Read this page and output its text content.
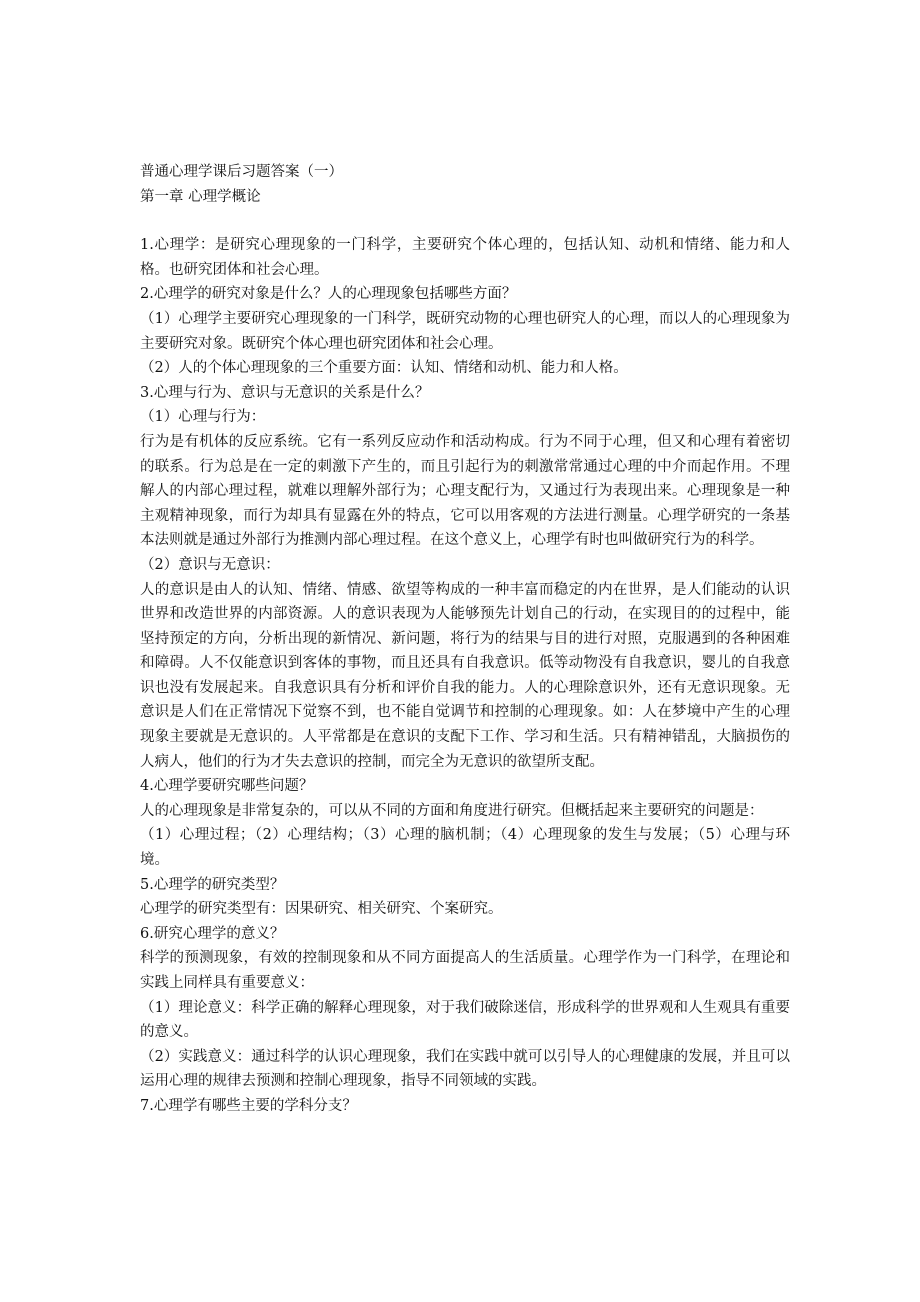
普通心理学课后习题答案（一）

第一章 心理学概论

1.心理学：是研究心理现象的一门科学，主要研究个体心理的，包括认知、动机和情绪、能力和人格。也研究团体和社会心理。

2.心理学的研究对象是什么？人的心理现象包括哪些方面？

（1）心理学主要研究心理现象的一门科学，既研究动物的心理也研究人的心理，而以人的心理现象为主要研究对象。既研究个体心理也研究团体和社会心理。

（2）人的个体心理现象的三个重要方面：认知、情绪和动机、能力和人格。

3.心理与行为、意识与无意识的关系是什么？

（1）心理与行为：

行为是有机体的反应系统。它有一系列反应动作和活动构成。行为不同于心理，但又和心理有着密切的联系。行为总是在一定的刺激下产生的，而且引起行为的刺激常常通过心理的中介而起作用。不理解人的内部心理过程，就难以理解外部行为；心理支配行为，又通过行为表现出来。心理现象是一种主观精神现象，而行为却具有显露在外的特点，它可以用客观的方法进行测量。心理学研究的一条基本法则就是通过外部行为推测内部心理过程。在这个意义上，心理学有时也叫做研究行为的科学。

（2）意识与无意识：

人的意识是由人的认知、情绪、情感、欲望等构成的一种丰富而稳定的内在世界，是人们能动的认识世界和改造世界的内部资源。人的意识表现为人能够预先计划自己的行动，在实现目的的过程中，能坚持预定的方向，分析出现的新情况、新问题，将行为的结果与目的进行对照，克服遇到的各种困难和障碍。人不仅能意识到客体的事物，而且还具有自我意识。低等动物没有自我意识，婴儿的自我意识也没有发展起来。自我意识具有分析和评价自我的能力。人的心理除意识外，还有无意识现象。无意识是人们在正常情况下觉察不到，也不能自觉调节和控制的心理现象。如：人在梦境中产生的心理现象主要就是无意识的。人平常都是在意识的支配下工作、学习和生活。只有精神错乱，大脑损伤的人病人，他们的行为才失去意识的控制，而完全为无意识的欲望所支配。

4.心理学要研究哪些问题？

人的心理现象是非常复杂的，可以从不同的方面和角度进行研究。但概括起来主要研究的问题是：

（1）心理过程；（2）心理结构；（3）心理的脑机制；（4）心理现象的发生与发展；（5）心理与环境。

5.心理学的研究类型？

心理学的研究类型有：因果研究、相关研究、个案研究。

6.研究心理学的意义？

科学的预测现象，有效的控制现象和从不同方面提高人的生活质量。心理学作为一门科学，在理论和实践上同样具有重要意义：

（1）理论意义：科学正确的解释心理现象，对于我们破除迷信，形成科学的世界观和人生观具有重要的意义。

（2）实践意义：通过科学的认识心理现象，我们在实践中就可以引导人的心理健康的发展，并且可以运用心理的规律去预测和控制心理现象，指导不同领域的实践。

7.心理学有哪些主要的学科分支？
